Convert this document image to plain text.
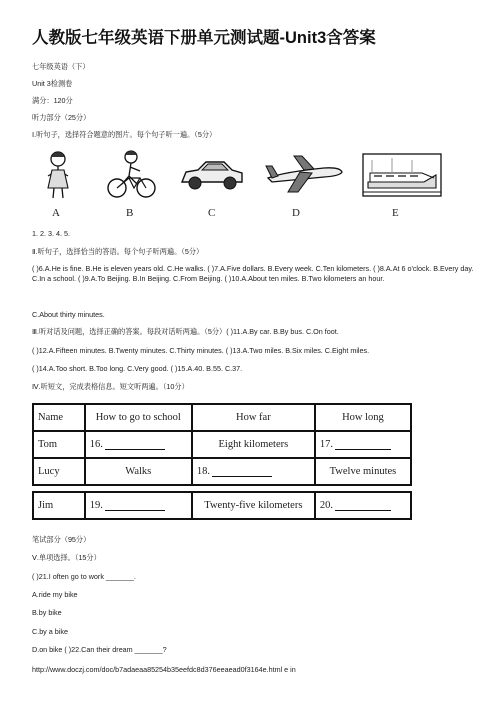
人教版七年级英语下册单元测试题-Unit3含答案
七年级英语（下）
Unit 3检测卷
满分：120分
听力部分（25分）
Ⅰ.听句子，选择符合题意的图片。每个句子听一遍。（5分）
A	B	C	D	E
1. 2. 3. 4. 5.
Ⅱ.听句子，选择恰当的答语。每个句子听两遍。（5分）
( )6.A.He is fine. B.He is eleven years old. C.He walks. ( )7.A.Five dollars. B.Every week. C.Ten kilometers. ( )8.A.At 6 o'clock. B.Every day. C.In a school. ( )9.A.To Beijing. B.In Beijing. C.From Beijing. ( )10.A.About ten miles. B.Two kilometers an hour.
C.About thirty minutes.
Ⅲ.听对话及问题，选择正确的答案。每段对话听两遍。（5分）( )11.A.By car. B.By bus. C.On foot.
( )12.A.Fifteen minutes. B.Twenty minutes. C.Thirty minutes. ( )13.A.Two miles. B.Six miles. C.Eight miles.
( )14.A.Too short. B.Too long. C.Very good. ( )15.A.40. B.55. C.37.
Ⅳ.听短文，完成表格信息。短文听两遍。（10分）
Name	How to go to school	How far	How long
Tom	16.	Eight kilometers	17.
Lucy	Walks	18.	Twelve minutes

Jim	19.	Twenty-five kilometers	20.
笔试部分（95分）
Ⅴ.单项选择。（15分）
( )21.I often go to work _______.
A.ride my bike
B.by bike
C.by a bike
D.on bike ( )22.Can their dream _______?
http://www.doczj.com/doc/b7adaeaa85254b35eefdc8d376eeaead0f3164e.html e in
